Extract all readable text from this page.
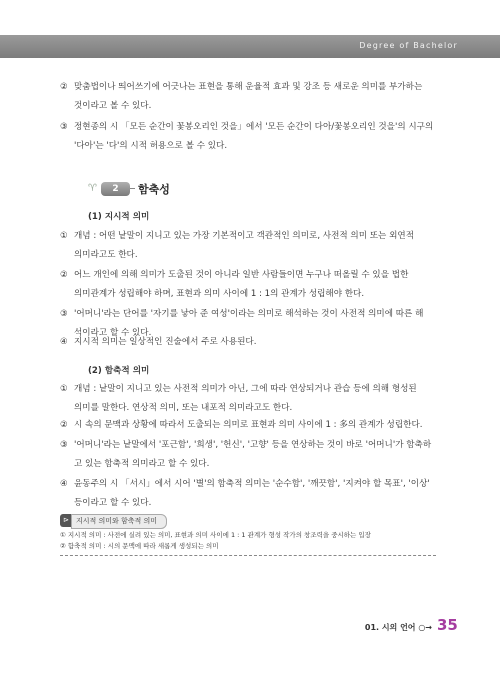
Degree of Bachelor
② 맞춤법이나 띄어쓰기에 어긋나는 표현을 통해 운율적 효과 및 강조 등 새로운 의미를 부가하는
것이라고 볼 수 있다.
③ 정현종의 시 「모든 순간이 꽃봉오리인 것을」에서 '모든 순간이 다아/꽃봉오리인 것을'의 시구의
'다아'는 '다'의 시적 허용으로 볼 수 있다.
♈	2	함축성
(1) 지시적 의미
① 개념 : 어떤 낱말이 지니고 있는 가장 기본적이고 객관적인 의미로, 사전적 의미 또는 외연적
의미라고도 한다.
② 어느 개인에 의해 의미가 도출된 것이 아니라 일반 사람들이면 누구나 떠올릴 수 있을 법한
의미관계가 성립해야 하며, 표현과 의미 사이에 1 : 1의 관계가 성립해야 한다.
③ '어머니'라는 단어를 '자기를 낳아 준 여성'이라는 의미로 해석하는 것이 사전적 의미에 따른 해
석이라고 할 수 있다.
④ 지시적 의미는 일상적인 진술에서 주로 사용된다.
(2) 함축적 의미
① 개념 : 낱말이 지니고 있는 사전적 의미가 아닌, 그에 따라 연상되거나 관습 등에 의해 형성된
의미를 말한다. 연상적 의미, 또는 내포적 의미라고도 한다.
② 시 속의 문맥과 상황에 따라서 도출되는 의미로 표현과 의미 사이에 1 : 多의 관계가 성립한다.
③ '어머니'라는 낱말에서 '포근함', '희생', '헌신', '고향' 등을 연상하는 것이 바로 '어머니'가 함축하
고 있는 함축적 의미라고 할 수 있다.
④ 윤동주의 시 「서시」에서 시어 '별'의 함축적 의미는 '순수함', '깨끗함', '지켜야 할 목표', '이상'
등이라고 할 수 있다.
⊳	지시적 의미와 함축적 의미
① 지시적 의미 : 사전에 실려 있는 의미, 표현과 의미 사이에 1 : 1 관계가 형성 작가의 창조력을 중시하는 입장
② 함축적 의미 : 시의 문맥에 따라 새롭게 생성되는 의미
01. 시의 언어 ○→ 35
